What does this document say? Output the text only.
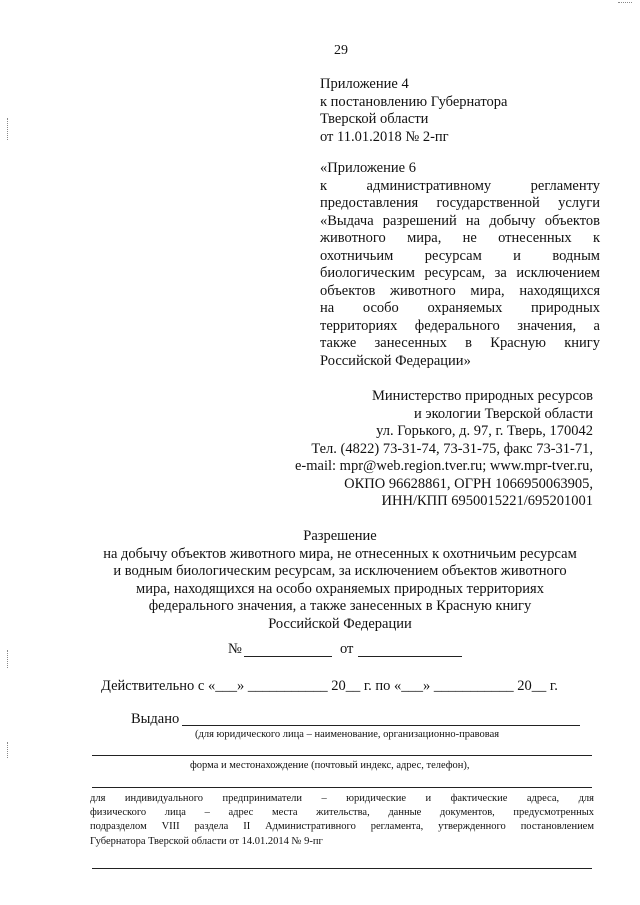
29
Приложение 4
к постановлению Губернатора
Тверской области
от 11.01.2018 № 2-пг
«Приложение 6
к административному регламенту
предоставления государственной услуги
«Выдача разрешений на добычу объектов
животного мира, не отнесенных к
охотничьим ресурсам и водным
биологическим ресурсам, за исключением
объектов животного мира, находящихся
на особо охраняемых природных
территориях федерального значения, а
также занесенных в Красную книгу
Российской Федерации»
Министерство природных ресурсов
и экологии Тверской области
ул. Горького, д. 97, г. Тверь, 170042
Тел. (4822) 73-31-74, 73-31-75, факс 73-31-71,
e-mail: mpr@web.region.tver.ru; www.mpr-tver.ru,
ОКПО 96628861, ОГРН 1066950063905,
ИНН/КПП 6950015221/695201001
Разрешение
на добычу объектов животного мира, не отнесенных к охотничьим ресурсам
и водным биологическим ресурсам, за исключением объектов животного
мира, находящихся на особо охраняемых природных территориях
федерального значения, а также занесенных в Красную книгу
Российской Федерации
№	от
Действительно с «___» ___________ 20__ г. по «___» ___________ 20__ г.
Выдано
(для юридического лица – наименование, организационно-правовая
форма и местонахождение (почтовый индекс, адрес, телефон),
для индивидуального предприниматели – юридические и фактические адреса, для
физического лица – адрес места жительства, данные документов, предусмотренных
подразделом VIII раздела II Административного регламента, утвержденного постановлением
Губернатора Тверской области от 14.01.2014 № 9-пг
